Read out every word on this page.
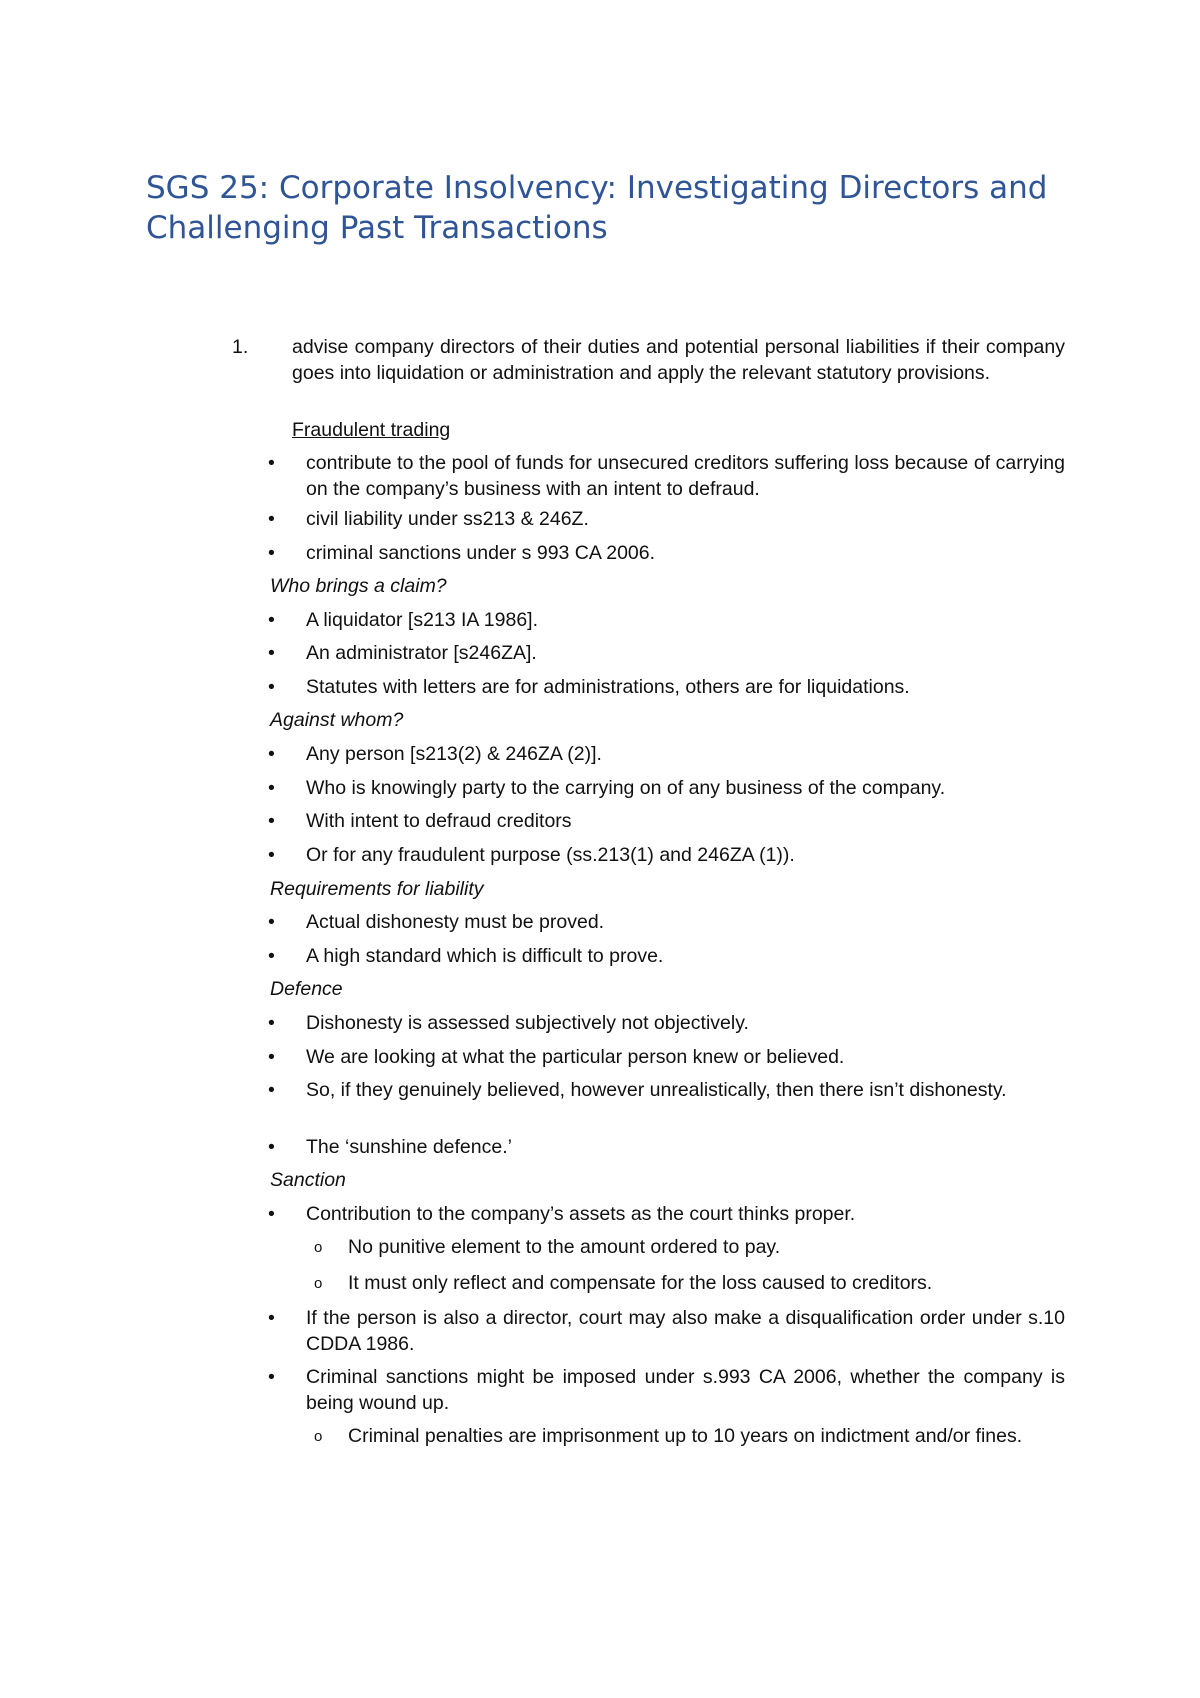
SGS 25: Corporate Insolvency: Investigating Directors and Challenging Past Transactions
1.	advise company directors of their duties and potential personal liabilities if their company goes into liquidation or administration and apply the relevant statutory provisions.
Fraudulent trading
• contribute to the pool of funds for unsecured creditors suffering loss because of carrying on the company’s business with an intent to defraud.
• civil liability under ss213 & 246Z.
• criminal sanctions under s 993 CA 2006.
Who brings a claim?
• A liquidator [s213 IA 1986].
• An administrator [s246ZA].
• Statutes with letters are for administrations, others are for liquidations.
Against whom?
• Any person [s213(2) & 246ZA (2)].
• Who is knowingly party to the carrying on of any business of the company.
• With intent to defraud creditors
• Or for any fraudulent purpose (ss.213(1) and 246ZA (1)).
Requirements for liability
• Actual dishonesty must be proved.
• A high standard which is difficult to prove.
Defence
• Dishonesty is assessed subjectively not objectively.
• We are looking at what the particular person knew or believed.
• So, if they genuinely believed, however unrealistically, then there isn’t dishonesty.
• The ‘sunshine defence.’
Sanction
• Contribution to the company’s assets as the court thinks proper.
o No punitive element to the amount ordered to pay.
o It must only reflect and compensate for the loss caused to creditors.
• If the person is also a director, court may also make a disqualification order under s.10 CDDA 1986.
• Criminal sanctions might be imposed under s.993 CA 2006, whether the company is being wound up.
o Criminal penalties are imprisonment up to 10 years on indictment and/or fines.
